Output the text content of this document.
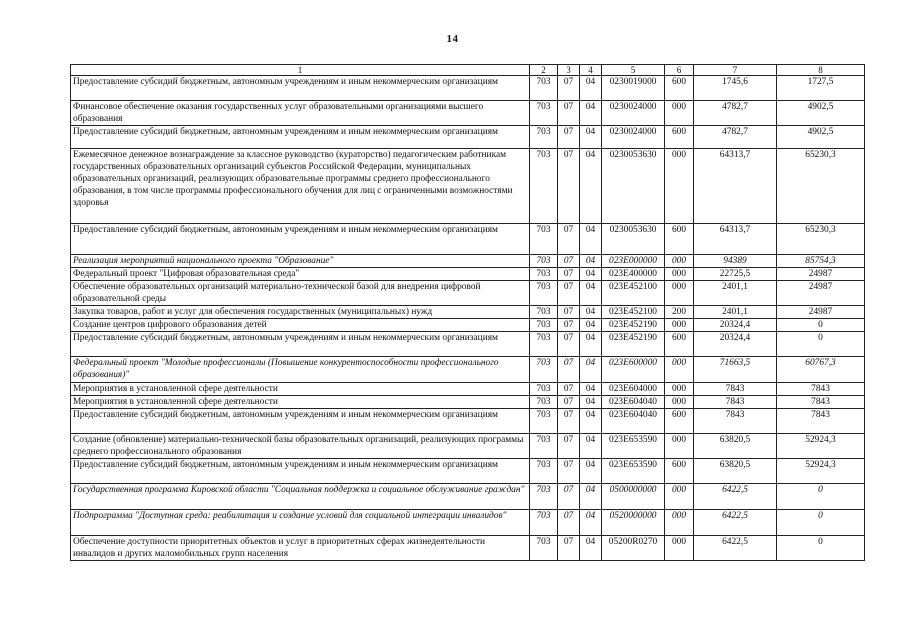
14
1	2	3	4	5	6	7	8
Предоставление субсидий бюджетным, автономным учреждениям и иным некоммерческим организациям	703	07	04	0230019000	600	1745,6	1727,5
Финансовое обеспечение оказания государственных услуг образовательными организациями высшего образования	703	07	04	0230024000	000	4782,7	4902,5
Предоставление субсидий бюджетным, автономным учреждениям и иным некоммерческим организациям	703	07	04	0230024000	600	4782,7	4902,5
Ежемесячное денежное вознаграждение за классное руководство (кураторство) педагогическим работникам государственных образовательных организаций субъектов Российской Федерации, муниципальных образовательных организаций, реализующих образовательные программы среднего профессионального образования, в том числе программы профессионального обучения для лиц с ограниченными возможностями здоровья	703	07	04	0230053630	000	64313,7	65230,3
Предоставление субсидий бюджетным, автономным учреждениям и иным некоммерческим организациям	703	07	04	0230053630	600	64313,7	65230,3
Реализация мероприятий национального проекта "Образование"	703	07	04	023E000000	000	94389	85754,3
Федеральный проект "Цифровая образовательная среда"	703	07	04	023E400000	000	22725,5	24987
Обеспечение образовательных организаций материально-технической базой для внедрения цифровой образовательной среды	703	07	04	023E452100	000	2401,1	24987
Закупка товаров, работ и услуг для обеспечения государственных (муниципальных) нужд	703	07	04	023E452100	200	2401,1	24987
Создание центров цифрового образования детей	703	07	04	023E452190	000	20324,4	0
Предоставление субсидий бюджетным, автономным учреждениям и иным некоммерческим организациям	703	07	04	023E452190	600	20324,4	0
Федеральный проект "Молодые профессионалы (Повышение конкурентоспособности профессионального образования)"	703	07	04	023E600000	000	71663,5	60767,3
Мероприятия в установленной сфере деятельности	703	07	04	023E604000	000	7843	7843
Мероприятия в установленной сфере деятельности	703	07	04	023E604040	000	7843	7843
Предоставление субсидий бюджетным, автономным учреждениям и иным некоммерческим организациям	703	07	04	023E604040	600	7843	7843
Создание (обновление) материально-технической базы образовательных организаций, реализующих программы среднего профессионального образования	703	07	04	023E653590	000	63820,5	52924,3
Предоставление субсидий бюджетным, автономным учреждениям и иным некоммерческим организациям	703	07	04	023E653590	600	63820,5	52924,3
Государственная программа Кировской области "Социальная поддержка и социальное обслуживание граждан"	703	07	04	0500000000	000	6422,5	0
Подпрограмма "Доступная среда: реабилитация и создание условий для социальной интеграции инвалидов"	703	07	04	0520000000	000	6422,5	0
Обеспечение доступности приоритетных объектов и услуг в приоритетных сферах жизнедеятельности инвалидов и других маломобильных групп населения	703	07	04	05200R0270	000	6422,5	0
